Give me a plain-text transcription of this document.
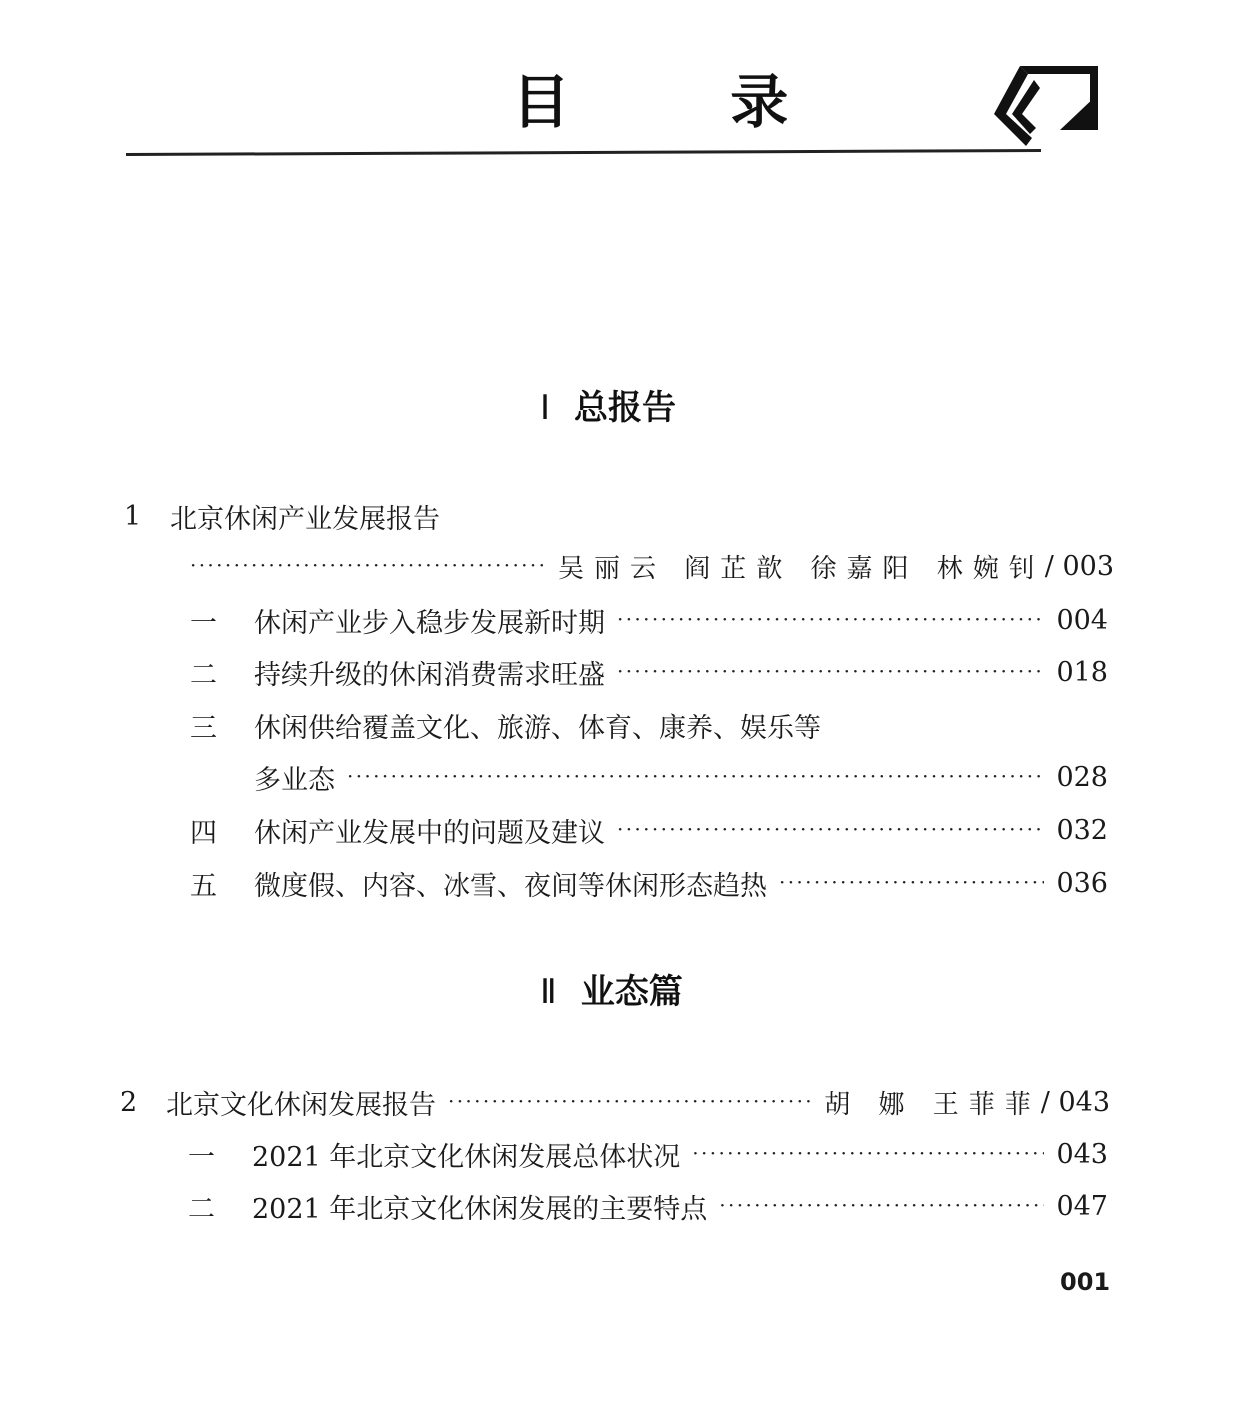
目 录
Ⅰ 总报告
1	北京休闲产业发展报告
· · ·
吴丽云 阎芷歆 徐嘉阳 林婉钊 / 003
一	休闲产业步入稳步发展新时期 · · ·	004
二	持续升级的休闲消费需求旺盛 · · ·	018
三	休闲供给覆盖文化、旅游、体育、康养、娱乐等
多业态 · · ·	028
四	休闲产业发展中的问题及建议 · · ·	032
五	微度假、内容、冰雪、夜间等休闲形态趋热 · · ·	036
Ⅱ 业态篇
2	北京文化休闲发展报告 · · ·	胡 娜 王菲菲 / 043
一	2021 年北京文化休闲发展总体状况 · · ·	043
二	2021 年北京文化休闲发展的主要特点 · · ·	047
001
